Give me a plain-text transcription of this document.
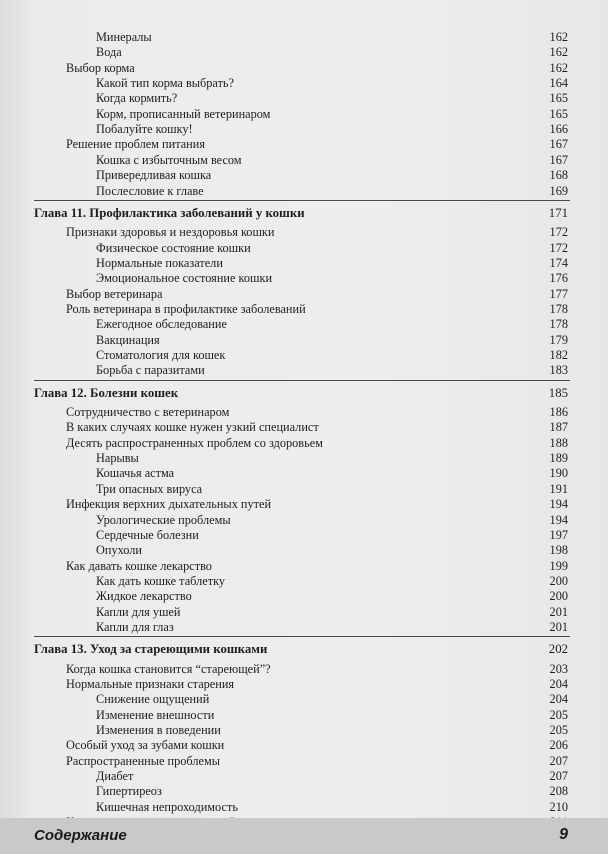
Минералы	162
Вода	162
Выбор корма	162
Какой тип корма выбрать?	164
Когда кормить?	165
Корм, прописанный ветеринаром	165
Побалуйте кошку!	166
Решение проблем питания	167
Кошка с избыточным весом	167
Привередливая кошка	168
Послесловие к главе	169
Глава 11. Профилактика заболеваний у кошки	171
Признаки здоровья и нездоровья кошки	172
Физическое состояние кошки	172
Нормальные показатели	174
Эмоциональное состояние кошки	176
Выбор ветеринара	177
Роль ветеринара в профилактике заболеваний	178
Ежегодное обследование	178
Вакцинация	179
Стоматология для кошек	182
Борьба с паразитами	183
Глава 12. Болезни кошек	185
Сотрудничество с ветеринаром	186
В каких случаях кошке нужен узкий специалист	187
Десять распространенных проблем со здоровьем	188
Нарывы	189
Кошачья астма	190
Три опасных вируса	191
Инфекция верхних дыхательных путей	194
Урологические проблемы	194
Сердечные болезни	197
Опухоли	198
Как давать кошке лекарство	199
Как дать кошке таблетку	200
Жидкое лекарство	200
Капли для ушей	201
Капли для глаз	201
Глава 13. Уход за стареющими кошками	202
Когда кошка становится “стареющей”?	203
Нормальные признаки старения	204
Снижение ощущений	204
Изменение внешности	205
Изменения в поведении	205
Особый уход за зубами кошки	206
Распространенные проблемы	207
Диабет	207
Гипертиреоз	208
Кишечная непроходимость	210
Содержание	9
